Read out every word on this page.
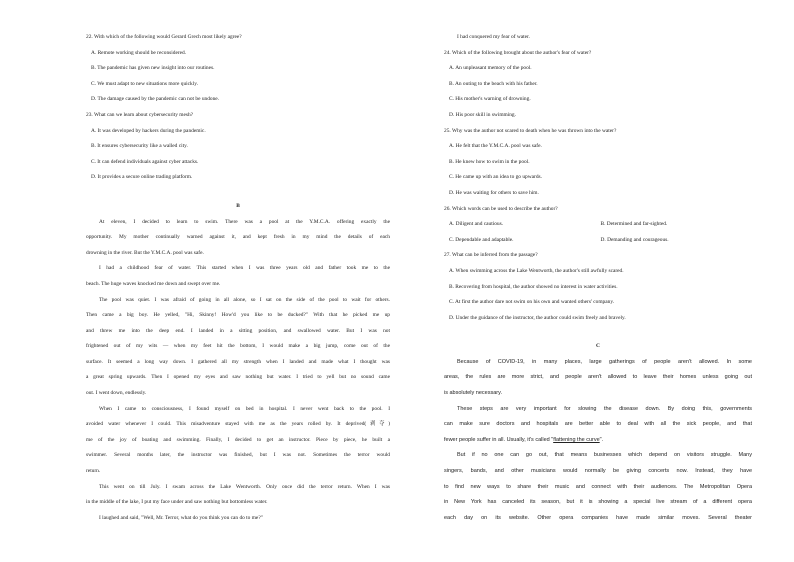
22. With which of the following would Gerard Grech most likely agree?
A. Remote working should be reconsidered.
B. The pandemic has given new insight into our routines.
C. We must adapt to new situations more quickly.
D. The damage caused by the pandemic can not be undone.
23. What can we learn about cybersecurity mesh?
A. It was developed by hackers during the pandemic.
B. It ensures cybersecurity like a walled city.
C. It can defend individuals against cyber attacks.
D. It provides a secure online trading platform.
B
At eleven, I decided to learn to swim. There was a pool at the Y.M.C.A. offering exactly the
opportunity. My mother continually warned against it, and kept fresh in my mind the details of each
drowning in the river. But the Y.M.C.A. pool was safe.
I had a childhood fear of water. This started when I was three years old and father took me to the
beach. The huge waves knocked me down and swept over me.
The pool was quiet. I was afraid of going in all alone, so I sat on the side of the pool to wait for others.
Then came a big boy. He yelled, "Hi, Skinny! How'd you like to be ducked?" With that he picked me up
and threw me into the deep end. I landed in a sitting position, and swallowed water. But I was not
frightened out of my wits — when my feet hit the bottom, I would make a big jump, come out of the
surface. It seemed a long way down. I gathered all my strength when I landed and made what I thought was
a great spring upwards. Then I opened my eyes and saw nothing but water. I tried to yell but no sound came
out. I went down, endlessly.
When I came to consciousness, I found myself on bed in hospital. I never went back to the pool. I
avoided water whenever I could. This misadventure stayed with me as the years rolled by. It deprived(剥夺)
me of the joy of boating and swimming. Finally, I decided to get an instructor. Piece by piece, he built a
swimmer. Several months later, the instructor was finished, but I was not. Sometimes the terror would
return.
This went on till July. I swam across the Lake Wentworth. Only once did the terror return. When I was
in the middle of the lake, I put my face under and saw nothing but bottomless water.
I laughed and said, "Well, Mr. Terror, what do you think you can do to me?"
I had conquered my fear of water.
24. Which of the following brought about the author's fear of water?
A. An unpleasant memory of the pool.
B. An outing to the beach with his father.
C. His mother's warning of drowning.
D. His poor skill in swimming.
25. Why was the author not scared to death when he was thrown into the water?
A. He felt that the Y.M.C.A. pool was safe.
B. He knew how to swim in the pool.
C. He came up with an idea to go upwards.
D. He was waiting for others to save him.
26. Which words can be used to describe the author?
A. Diligent and cautious.	B. Determined and far-sighted.
C. Dependable and adaptable.	D. Demanding and courageous.
27. What can be inferred from the passage?
A. When swimming across the Lake Wentworth, the author's still awfully scared.
B. Recovering from hospital, the author showed no interest in water activities.
C. At first the author dare not swim on his own and wanted others' company.
D. Under the guidance of the instructor, the author could swim freely and bravely.
C
Because of COVID-19, in many places, large gatherings of people aren't allowed. In some
areas, the rules are more strict, and people aren't allowed to leave their homes unless going out
is absolutely necessary.
These steps are very important for slowing the disease down. By doing this, governments
can make sure doctors and hospitals are better able to deal with all the sick people, and that
fewer people suffer in all. Usually, it's called "flattening the curve".
But if no one can go out, that means businesses which depend on visitors struggle. Many
singers, bands, and other musicians would normally be giving concerts now. Instead, they have
to find new ways to share their music and connect with their audiences. The Metropolitan Opera
in New York has canceled its season, but it is showing a special live stream of a different opera
each day on its website. Other opera companies have made similar moves. Several theater
